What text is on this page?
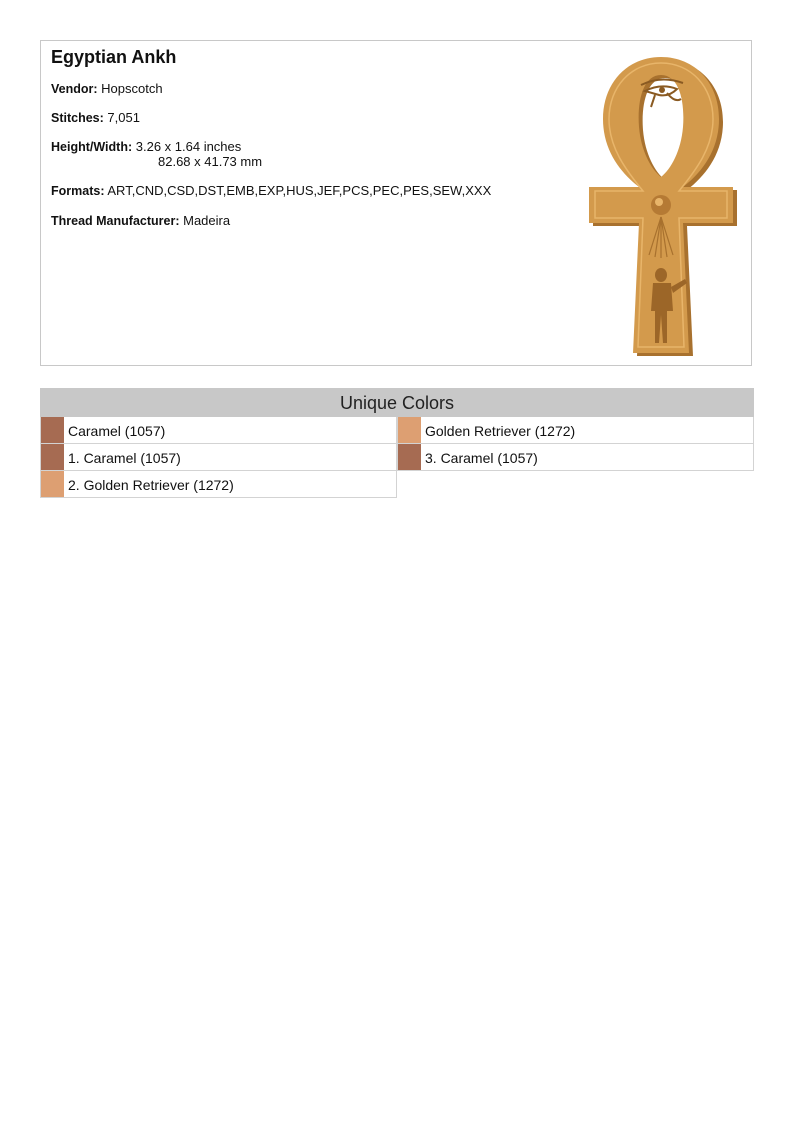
Egyptian Ankh
Vendor: Hopscotch
Stitches: 7,051
Height/Width: 3.26 x 1.64 inches
82.68 x 41.73 mm
Formats: ART,CND,CSD,DST,EMB,EXP,HUS,JEF,PCS,PEC,PES,SEW,XXX
Thread Manufacturer: Madeira
Unique Colors
Caramel (1057)	Golden Retriever (1272)
1. Caramel (1057)	3. Caramel (1057)
2. Golden Retriever (1272)
